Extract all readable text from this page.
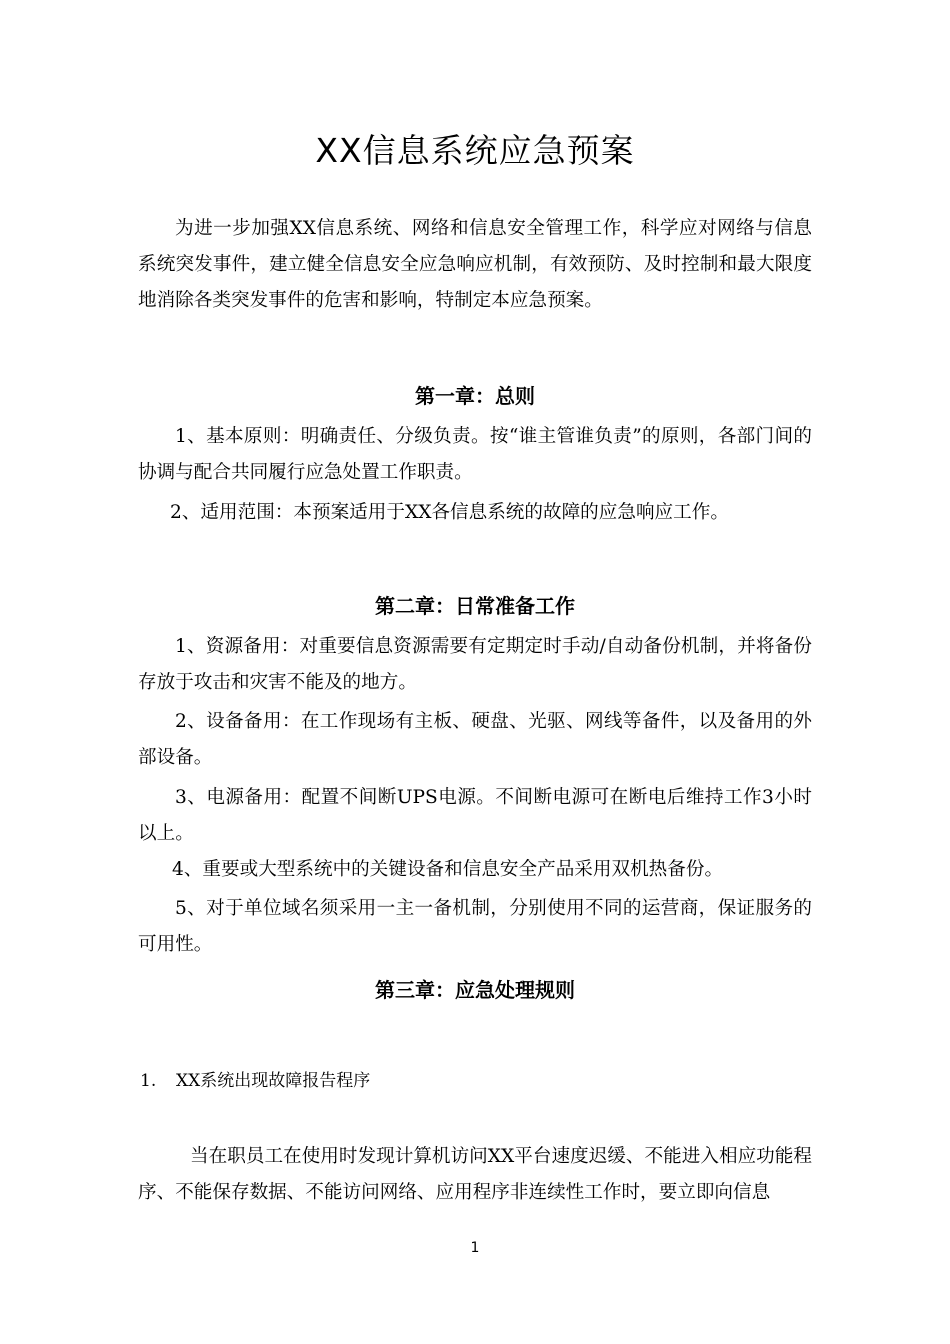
XX信息系统应急预案

为进一步加强XX信息系统、网络和信息安全管理工作，科学应对网络与信息系统突发事件，建立健全信息安全应急响应机制，有效预防、及时控制和最大限度地消除各类突发事件的危害和影响，特制定本应急预案。

第一章：总则

1、基本原则：明确责任、分级负责。按“谁主管谁负责”的原则，各部门间的协调与配合共同履行应急处置工作职责。

2、适用范围：本预案适用于XX各信息系统的故障的应急响应工作。

第二章：日常准备工作

1、资源备用：对重要信息资源需要有定期定时手动/自动备份机制，并将备份存放于攻击和灾害不能及的地方。

2、设备备用：在工作现场有主板、硬盘、光驱、网线等备件，以及备用的外部设备。

3、电源备用：配置不间断UPS电源。不间断电源可在断电后维持工作3小时以上。

4、重要或大型系统中的关键设备和信息安全产品采用双机热备份。

5、对于单位域名须采用一主一备机制，分别使用不同的运营商，保证服务的可用性。

第三章：应急处理规则
1. XX系统出现故障报告程序

当在职员工在使用时发现计算机访问XX平台速度迟缓、不能进入相应功能程序、不能保存数据、不能访问网络、应用程序非连续性工作时，要立即向信息

1
